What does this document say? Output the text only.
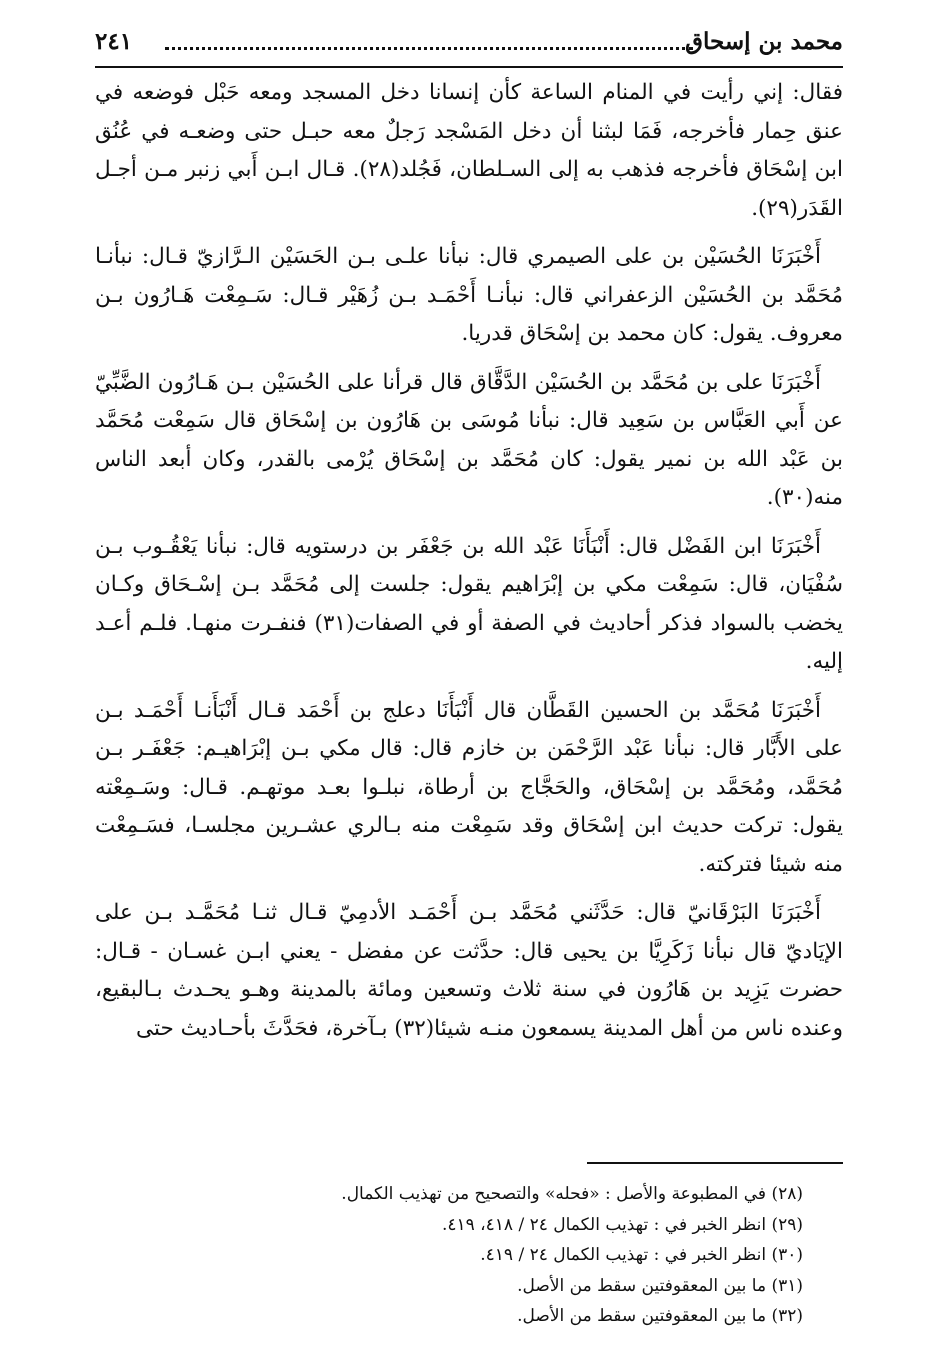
محمد بن إسحاق
٢٤١

فقال: إني رأيت في المنام الساعة كأن إنسانا دخل المسجد ومعه حَبْل فوضعه في عنق حِمار فأخرجه، فَمَا لبثنا أن دخل المَسْجد رَجلٌ معه حبـل حتى وضعـه في عُنُق ابن إسْحَاق فأخرجه فذهب به إلى السـلطان، فَجُلد(٢٨). قـال ابـن أَبي زنبر مـن أجـل القَدَر(٢٩).

أَخْبَرَنَا الحُسَيْن بن على الصيمري قال: نبأنا علـى بـن الحَسَيْن الـرَّازيّ قـال: نبأنـا مُحَمَّد بن الحُسَيْن الزعفراني قال: نبأنـا أَحْمَـد بـن زُهَيْر قـال: سَـمِعْت هَـارُون بـن معروف. يقول: كان محمد بن إسْحَاق قدريا.

أَخْبَرَنَا على بن مُحَمَّد بن الحُسَيْن الدَّقَّاق قال قرأنا على الحُسَيْن بـن هَـارُون الضَّبِّيّ عن أَبي العَبَّاس بن سَعِيد قال: نبأنا مُوسَى بن هَارُون بن إسْحَاق قال سَمِعْت مُحَمَّد بن عَبْد الله بن نمير يقول: كان مُحَمَّد بن إسْحَاق يُرْمى بالقدر، وكان أبعد الناس منه(٣٠).

أَخْبَرَنَا ابن الفَضْل قال: أَنْبَأَنَا عَبْد الله بن جَعْفَر بن درستويه قال: نبأنا يَعْقُـوب بـن سُفْيَان، قال: سَمِعْت مكي بن إبْرَاهيم يقول: جلست إلى مُحَمَّد بـن إسْـحَاق وكـان يخضب بالسواد فذكر أحاديث في الصفة أو في الصفات(٣١) فنفـرت منهـا. فلـم أعـد إليه.

أَخْبَرَنَا مُحَمَّد بن الحسين القَطَّان قال أَنْبَأَنَا دعلج بن أَحْمَد قـال أَنْبَأَنـا أَحْمَـد بـن على الأَبَّار قال: نبأنا عَبْد الرَّحْمَن بن خازم قال: قال مكي بـن إبْرَاهيـم: جَعْفَـر بـن مُحَمَّد، ومُحَمَّد بن إسْحَاق، والحَجَّاج بن أرطاة، نبلـوا بعـد موتهـم. قـال: وسَـمِعْته يقول: تركت حديث ابن إسْحَاق وقد سَمِعْت منه بـالري عشـرين مجلسـا، فسَـمِعْت منه شيئا فتركته.

أَخْبَرَنَا البَرْقَانيّ قال: حَدَّثَني مُحَمَّد بـن أَحْمَـد الأدمِيّ قـال ثنـا مُحَمَّـد بـن على الإيَاديّ قال نبأنا زَكَرِيَّا بن يحيى قال: حدَّثت عن مفضل - يعني ابـن غسـان - قـال: حضرت يَزِيد بن هَارُون في سنة ثلاث وتسعين ومائة بالمدينة وهـو يحـدث بـالبقيع، وعنده ناس من أهل المدينة يسمعون منـه شيئا(٣٢) بـآخرة، فحَدَّثَ بأحـاديث حتى

(٢٨) في المطبوعة والأصل : «فحله» والتصحيح من تهذيب الكمال.

(٢٩) انظر الخبر في : تهذيب الكمال ٢٤ / ٤١٨، ٤١٩.

(٣٠) انظر الخبر في : تهذيب الكمال ٢٤ / ٤١٩.

(٣١) ما بين المعقوفتين سقط من الأصل.

(٣٢) ما بين المعقوفتين سقط من الأصل.
